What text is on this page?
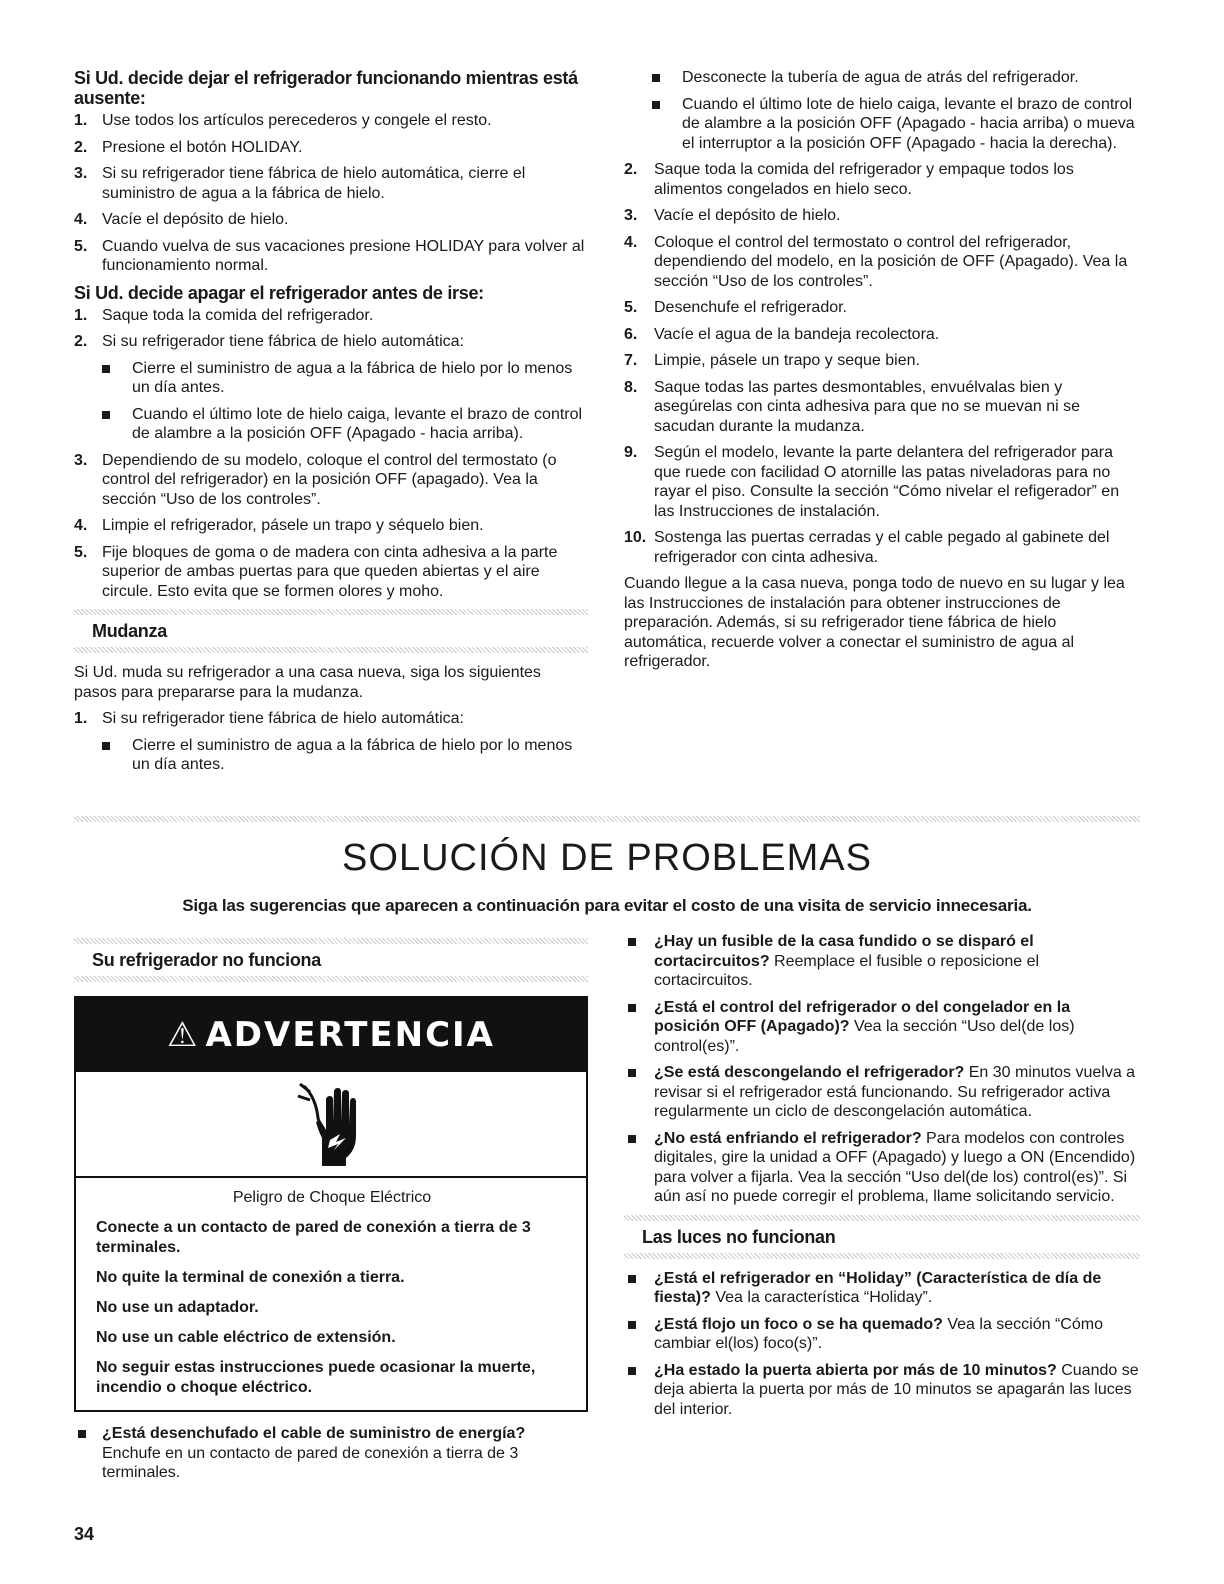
Si Ud. decide dejar el refrigerador funcionando mientras está ausente:
1. Use todos los artículos perecederos y congele el resto.
2. Presione el botón HOLIDAY.
3. Si su refrigerador tiene fábrica de hielo automática, cierre el suministro de agua a la fábrica de hielo.
4. Vacíe el depósito de hielo.
5. Cuando vuelva de sus vacaciones presione HOLIDAY para volver al funcionamiento normal.
Si Ud. decide apagar el refrigerador antes de irse:
1. Saque toda la comida del refrigerador.
2. Si su refrigerador tiene fábrica de hielo automática:
Cierre el suministro de agua a la fábrica de hielo por lo menos un día antes.
Cuando el último lote de hielo caiga, levante el brazo de control de alambre a la posición OFF (Apagado - hacia arriba).
3. Dependiendo de su modelo, coloque el control del termostato (o control del refrigerador) en la posición OFF (apagado). Vea la sección “Uso de los controles”.
4. Limpie el refrigerador, pásele un trapo y séquelo bien.
5. Fije bloques de goma o de madera con cinta adhesiva a la parte superior de ambas puertas para que queden abiertas y el aire circule. Esto evita que se formen olores y moho.
Mudanza

Si Ud. muda su refrigerador a una casa nueva, siga los siguientes pasos para prepararse para la mudanza.

1. Si su refrigerador tiene fábrica de hielo automática:
Cierre el suministro de agua a la fábrica de hielo por lo menos un día antes.
Desconecte la tubería de agua de atrás del refrigerador.
Cuando el último lote de hielo caiga, levante el brazo de control de alambre a la posición OFF (Apagado - hacia arriba) o mueva el interruptor a la posición OFF (Apagado - hacia la derecha).
2. Saque toda la comida del refrigerador y empaque todos los alimentos congelados en hielo seco.
3. Vacíe el depósito de hielo.
4. Coloque el control del termostato o control del refrigerador, dependiendo del modelo, en la posición de OFF (Apagado). Vea la sección “Uso de los controles”.
5. Desenchufe el refrigerador.
6. Vacíe el agua de la bandeja recolectora.
7. Limpie, pásele un trapo y seque bien.
8. Saque todas las partes desmontables, envuélvalas bien y asegúrelas con cinta adhesiva para que no se muevan ni se sacudan durante la mudanza.
9. Según el modelo, levante la parte delantera del refrigerador para que ruede con facilidad O atornille las patas niveladoras para no rayar el piso. Consulte la sección “Cómo nivelar el refigerador” en las Instrucciones de instalación.
10. Sostenga las puertas cerradas y el cable pegado al gabinete del refrigerador con cinta adhesiva.

Cuando llegue a la casa nueva, ponga todo de nuevo en su lugar y lea las Instrucciones de instalación para obtener instrucciones de preparación. Además, si su refrigerador tiene fábrica de hielo automática, recuerde volver a conectar el suministro de agua al refrigerador.

SOLUCIÓN DE PROBLEMAS
Siga las sugerencias que aparecen a continuación para evitar el costo de una visita de servicio innecesaria.
Su refrigerador no funciona
⚠ ADVERTENCIA
Peligro de Choque Eléctrico
Conecte a un contacto de pared de conexión a tierra de 3 terminales.
No quite la terminal de conexión a tierra.
No use un adaptador.
No use un cable eléctrico de extensión.
No seguir estas instrucciones puede ocasionar la muerte, incendio o choque eléctrico.
¿Está desenchufado el cable de suministro de energía? Enchufe en un contacto de pared de conexión a tierra de 3 terminales.
¿Hay un fusible de la casa fundido o se disparó el cortacircuitos? Reemplace el fusible o reposicione el cortacircuitos.
¿Está el control del refrigerador o del congelador en la posición OFF (Apagado)? Vea la sección “Uso del(de los) control(es)”.
¿Se está descongelando el refrigerador? En 30 minutos vuelva a revisar si el refrigerador está funcionando. Su refrigerador activa regularmente un ciclo de descongelación automática.
¿No está enfriando el refrigerador? Para modelos con controles digitales, gire la unidad a OFF (Apagado) y luego a ON (Encendido) para volver a fijarla. Vea la sección “Uso del(de los) control(es)”. Si aún así no puede corregir el problema, llame solicitando servicio.
Las luces no funcionan
¿Está el refrigerador en “Holiday” (Característica de día de fiesta)? Vea la característica “Holiday”.
¿Está flojo un foco o se ha quemado? Vea la sección “Cómo cambiar el(los) foco(s)”.
¿Ha estado la puerta abierta por más de 10 minutos? Cuando se deja abierta la puerta por más de 10 minutos se apagarán las luces del interior.
34
